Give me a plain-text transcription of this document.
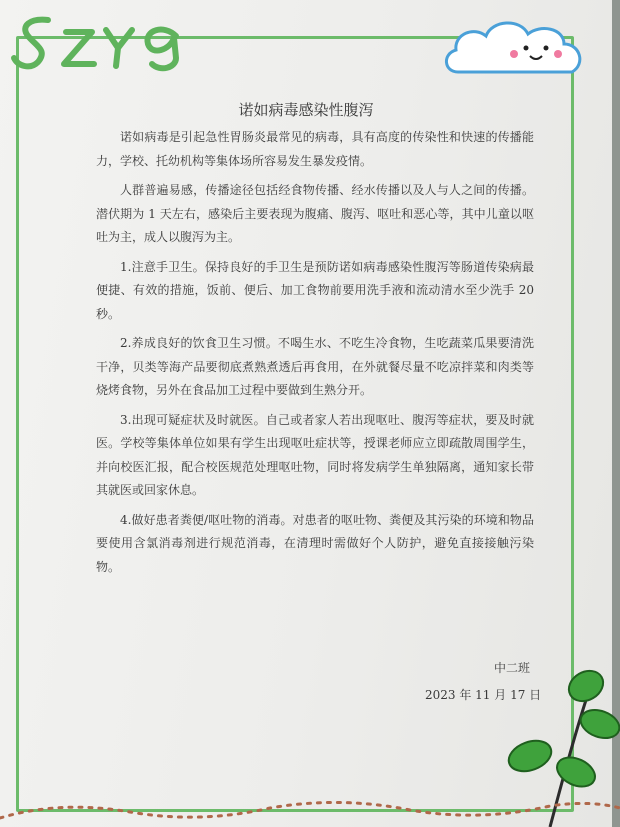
诺如病毒感染性腹泻

诺如病毒是引起急性胃肠炎最常见的病毒，具有高度的传染性和快速的传播能力，学校、托幼机构等集体场所容易发生暴发疫情。

人群普遍易感，传播途径包括经食物传播、经水传播以及人与人之间的传播。潜伏期为 1 天左右，感染后主要表现为腹痛、腹泻、呕吐和恶心等，其中儿童以呕吐为主，成人以腹泻为主。

1.注意手卫生。保持良好的手卫生是预防诺如病毒感染性腹泻等肠道传染病最便捷、有效的措施，饭前、便后、加工食物前要用洗手液和流动清水至少洗手 20 秒。

2.养成良好的饮食卫生习惯。不喝生水、不吃生冷食物，生吃蔬菜瓜果要清洗干净，贝类等海产品要彻底煮熟煮透后再食用，在外就餐尽量不吃凉拌菜和肉类等烧烤食物，另外在食品加工过程中要做到生熟分开。

3.出现可疑症状及时就医。自己或者家人若出现呕吐、腹泻等症状，要及时就医。学校等集体单位如果有学生出现呕吐症状等，授课老师应立即疏散周围学生，并向校医汇报，配合校医规范处理呕吐物，同时将发病学生单独隔离，通知家长带其就医或回家休息。

4.做好患者粪便/呕吐物的消毒。对患者的呕吐物、粪便及其污染的环境和物品要使用含氯消毒剂进行规范消毒，在清理时需做好个人防护，避免直接接触污染物。

中二班
2023 年 11 月 17 日
